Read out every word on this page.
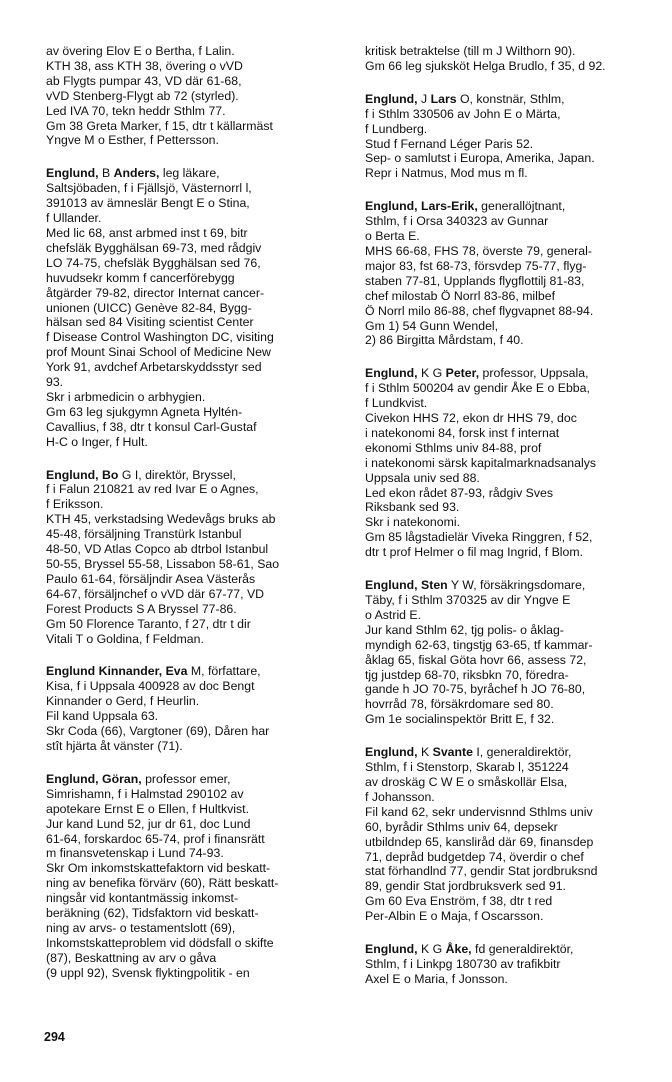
av övering Elov E o Bertha, f Lalin.
KTH 38, ass KTH 38, övering o vVD
ab Flygts pumpar 43, VD där 61-68,
vVD Stenberg-Flygt ab 72 (styrled).
Led IVA 70, tekn heddr Sthlm 77.
Gm 38 Greta Marker, f 15, dtr t källarmäst
Yngve M o Esther, f Pettersson.
Englund, B Anders, leg läkare,
Saltsjöbaden, f i Fjällsjö, Västernorrl l,
391013 av ämneslär Bengt E o Stina,
f Ullander.
Med lic 68, anst arbmed inst t 69, bitr
chefsläk Bygghälsan 69-73, med rådgiv
LO 74-75, chefsläk Bygghälsan sed 76,
huvudsekr komm f cancerförebygg
åtgärder 79-82, director Internat cancer-
unionen (UICC) Genève 82-84, Bygg-
hälsan sed 84 Visiting scientist Center
f Disease Control Washington DC, visiting
prof Mount Sinai School of Medicine New
York 91, avdchef Arbetarskyddsstyr sed
93.
Skr i arbmedicin o arbhygien.
Gm 63 leg sjukgymn Agneta Hyltén-
Cavallius, f 38, dtr t konsul Carl-Gustaf
H-C o Inger, f Hult.
Englund, Bo G I, direktör, Bryssel,
f i Falun 210821 av red Ivar E o Agnes,
f Eriksson.
KTH 45, verkstadsing Wedevågs bruks ab
45-48, försäljning Transtürk Istanbul
48-50, VD Atlas Copco ab dtrbol Istanbul
50-55, Bryssel 55-58, Lissabon 58-61, Sao
Paulo 61-64, försäljndir Asea Västerås
64-67, försäljnchef o vVD där 67-77, VD
Forest Products S A Bryssel 77-86.
Gm 50 Florence Taranto, f 27, dtr t dir
Vitali T o Goldina, f Feldman.
Englund Kinnander, Eva M, författare,
Kisa, f i Uppsala 400928 av doc Bengt
Kinnander o Gerd, f Heurlin.
Fil kand Uppsala 63.
Skr Coda (66), Vargtoner (69), Dåren har
stît hjärta åt vänster (71).
Englund, Göran, professor emer,
Simrishamn, f i Halmstad 290102 av
apotekare Ernst E o Ellen, f Hultkvist.
Jur kand Lund 52, jur dr 61, doc Lund
61-64, forskardoc 65-74, prof i finansrätt
m finansvetenskap i Lund 74-93.
Skr Om inkomstskattefaktorn vid beskatt-
ning av benefika förvärv (60), Rätt beskatt-
ningsår vid kontantmässig inkomst-
beräkning (62), Tidsfaktorn vid beskatt-
ning av arvs- o testamentslott (69),
Inkomstskatteproblem vid dödsfall o skifte
(87), Beskattning av arv o gåva
(9 uppl 92), Svensk flyktingpolitik - en
kritisk betraktelse (till m J Wilthorn 90).
Gm 66 leg sjuksköt Helga Brudlo, f 35, d 92.
Englund, J Lars O, konstnär, Sthlm,
f i Sthlm 330506 av John E o Märta,
f Lundberg.
Stud f Fernand Léger Paris 52.
Sep- o samlutst i Europa, Amerika, Japan.
Repr i Natmus, Mod mus m fl.
Englund, Lars-Erik, generallöjtnant,
Sthlm, f i Orsa 340323 av Gunnar
o Berta E.
MHS 66-68, FHS 78, överste 79, general-
major 83, fst 68-73, försvdep 75-77, flyg-
staben 77-81, Upplands flygflottilj 81-83,
chef milostab Ö Norrl 83-86, milbef
Ö Norrl milo 86-88, chef flygvapnet 88-94.
Gm 1) 54 Gunn Wendel,
2) 86 Birgitta Mårdstam, f 40.
Englund, K G Peter, professor, Uppsala,
f i Sthlm 500204 av gendir Åke E o Ebba,
f Lundkvist.
Civekon HHS 72, ekon dr HHS 79, doc
i natekonomi 84, forsk inst f internat
ekonomi Sthlms univ 84-88, prof
i natekonomi särsk kapitalmarknadsanalys
Uppsala univ sed 88.
Led ekon rådet 87-93, rådgiv Sves
Riksbank sed 93.
Skr i natekonomi.
Gm 85 lågstadielär Viveka Ringgren, f 52,
dtr t prof Helmer o fil mag Ingrid, f Blom.
Englund, Sten Y W, försäkringsdomare,
Täby, f i Sthlm 370325 av dir Yngve E
o Astrid E.
Jur kand Sthlm 62, tjg polis- o åklag-
myndigh 62-63, tingstjg 63-65, tf kammar-
åklag 65, fiskal Göta hovr 66, assess 72,
tjg justdep 68-70, riksbkn 70, föredra-
gande h JO 70-75, byråchef h JO 76-80,
hovrråd 78, försäkrdomare sed 80.
Gm 1e socialinspektör Britt E, f 32.
Englund, K Svante I, generaldirektör,
Sthlm, f i Stenstorp, Skarab l, 351224
av droskäg C W E o småskollär Elsa,
f Johansson.
Fil kand 62, sekr undervisnnd Sthlms univ
60, byrådir Sthlms univ 64, depsekr
utbildndep 65, kanslіråd där 69, finansdep
71, depråd budgetdep 74, överdir o chef
stat förhandlnd 77, gendir Stat jordbruksnd
89, gendir Stat jordbruksverk sed 91.
Gm 60 Eva Enström, f 38, dtr t red
Per-Albin E o Maja, f Oscarsson.
Englund, K G Åke, fd generaldirektör,
Sthlm, f i Linkpg 180730 av trafikbitr
Axel E o Maria, f Jonsson.
294
